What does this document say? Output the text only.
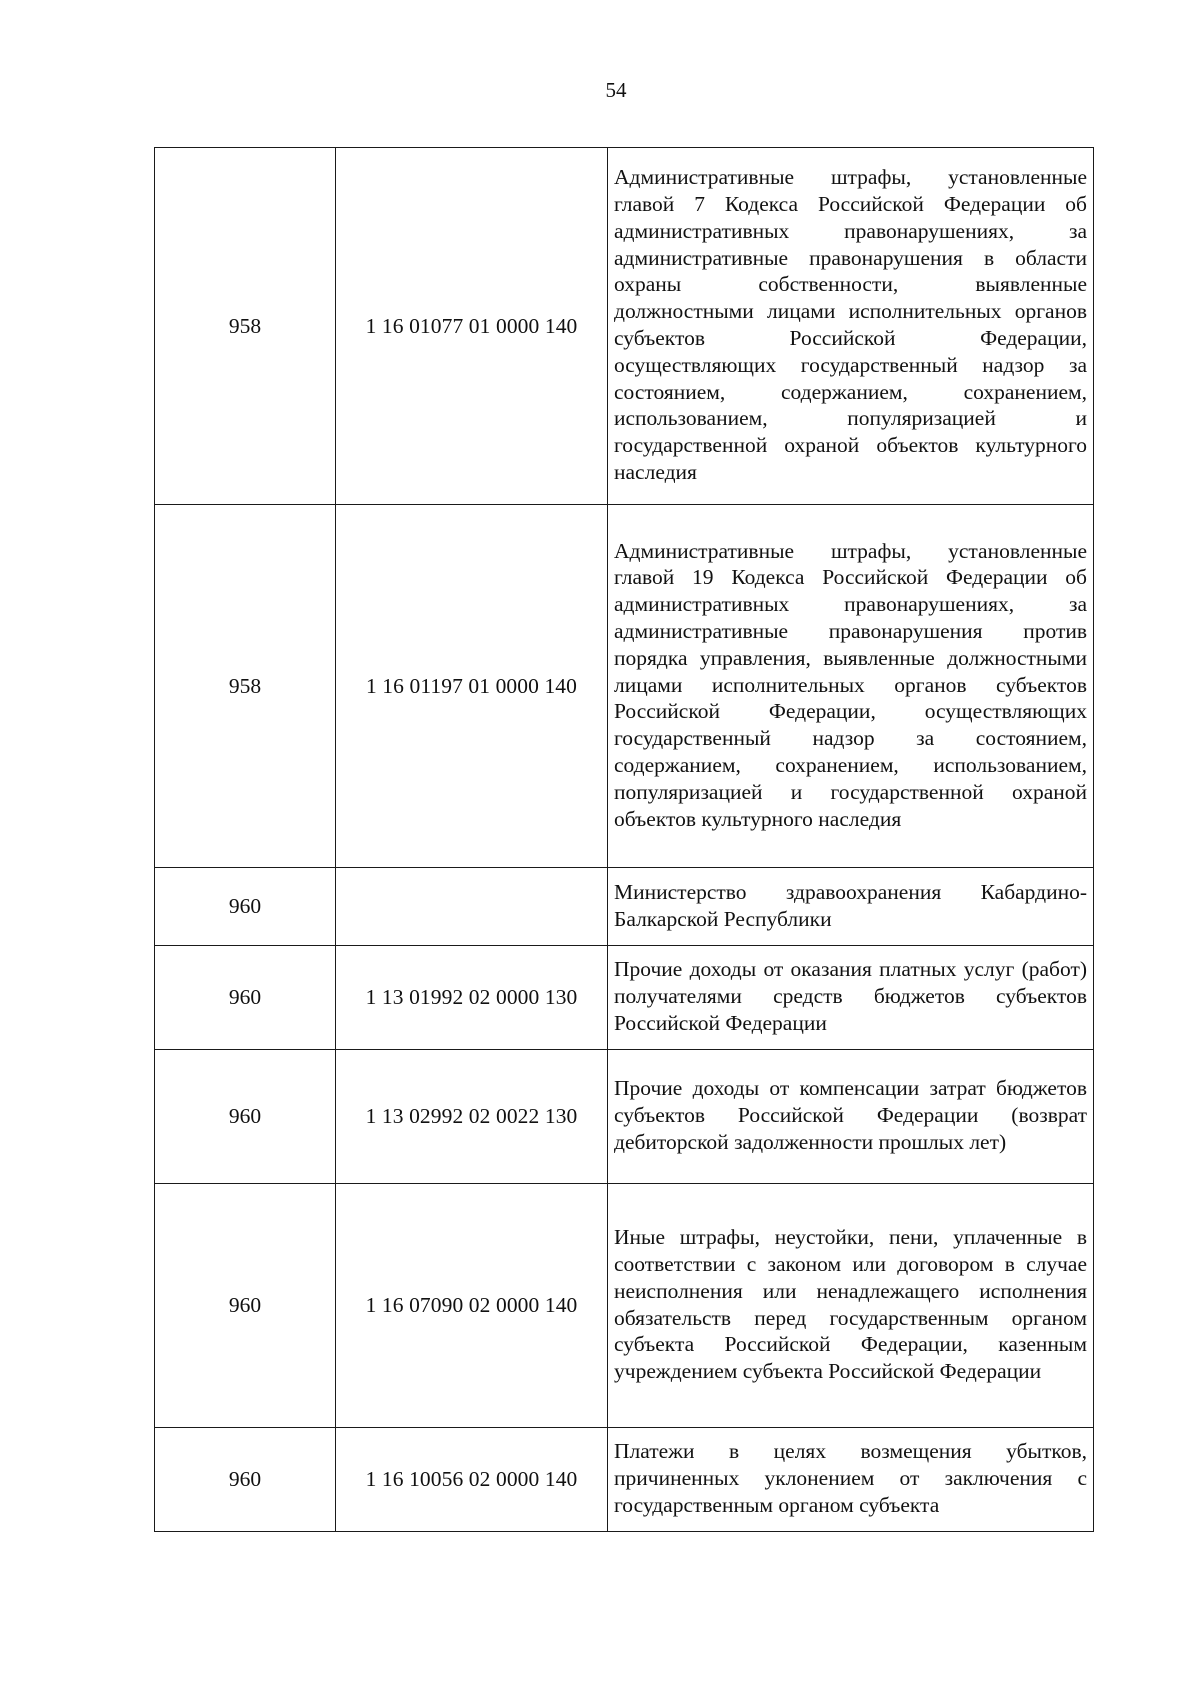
54
958	1 16 01077 01 0000 140	Административные штрафы, установленные главой 7 Кодекса Российской Федерации об административных правонарушениях, за административные правонарушения в области охраны собственности, выявленные должностными лицами исполнительных органов субъектов Российской Федерации, осуществляющих государственный надзор за состоянием, содержанием, сохранением, использованием, популяризацией и государственной охраной объектов культурного наследия
958	1 16 01197 01 0000 140	Административные штрафы, установленные главой 19 Кодекса Российской Федерации об административных правонарушениях, за административные правонарушения против порядка управления, выявленные должностными лицами исполнительных органов субъектов Российской Федерации, осуществляющих государственный надзор за состоянием, содержанием, сохранением, использованием, популяризацией и государственной охраной объектов культурного наследия
960		Министерство здравоохранения Кабардино-Балкарской Республики
960	1 13 01992 02 0000 130	Прочие доходы от оказания платных услуг (работ) получателями средств бюджетов субъектов Российской Федерации
960	1 13 02992 02 0022 130	Прочие доходы от компенсации затрат бюджетов субъектов Российской Федерации (возврат дебиторской задолженности прошлых лет)
960	1 16 07090 02 0000 140	Иные штрафы, неустойки, пени, уплаченные в соответствии с законом или договором в случае неисполнения или ненадлежащего исполнения обязательств перед государственным органом субъекта Российской Федерации, казенным учреждением субъекта Российской Федерации
960	1 16 10056 02 0000 140	Платежи в целях возмещения убытков, причиненных уклонением от заключения с государственным органом субъекта
